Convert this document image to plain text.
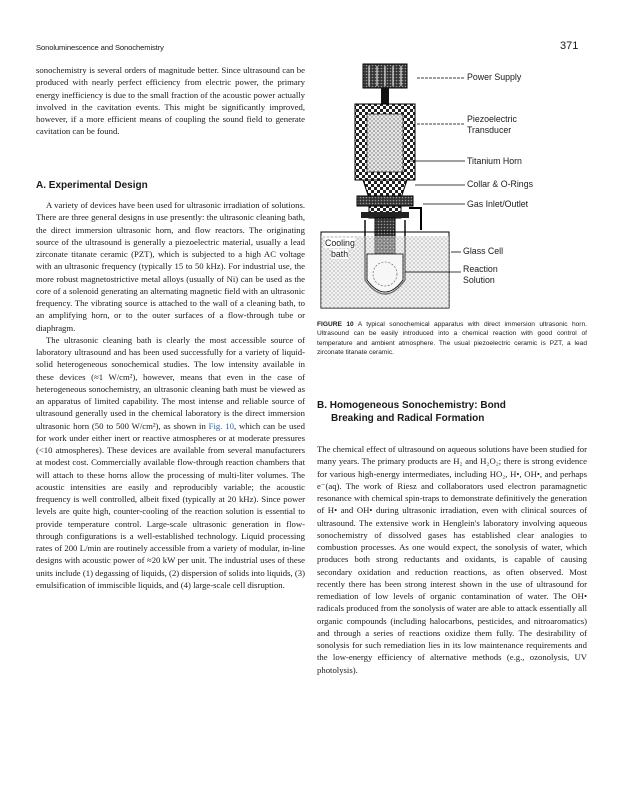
Sonoluminescence and Sonochemistry	371

sonochemistry is several orders of magnitude better. Since ultrasound can be produced with nearly perfect efficiency from electric power, the primary energy inefficiency is due to the small fraction of the acoustic power actually involved in the cavitation events. This might be significantly improved, however, if a more efficient means of coupling the sound field to generate cavitation can be found.

A. Experimental Design

A variety of devices have been used for ultrasonic irradiation of solutions. There are three general designs in use presently: the ultrasonic cleaning bath, the direct immersion ultrasonic horn, and flow reactors. The originating source of the ultrasound is generally a piezoelectric material, usually a lead zirconate titanate ceramic (PZT), which is subjected to a high AC voltage with an ultrasonic frequency (typically 15 to 50 kHz). For industrial use, the more robust magnetostrictive metal alloys (usually of Ni) can be used as the core of a solenoid generating an alternating magnetic field with an ultrasonic frequency. The vibrating source is attached to the wall of a cleaning bath, to an amplifying horn, or to the outer surfaces of a flow-through tube or diaphragm.

The ultrasonic cleaning bath is clearly the most accessible source of laboratory ultrasound and has been used successfully for a variety of liquid-solid heterogeneous sonochemical studies. The low intensity available in these devices (≈1 W/cm²), however, means that even in the case of heterogeneous sonochemistry, an ultrasonic cleaning bath must be viewed as an apparatus of limited capability. The most intense and reliable source of ultrasound generally used in the chemical laboratory is the direct immersion ultrasonic horn (50 to 500 W/cm²), as shown in Fig. 10, which can be used for work under either inert or reactive atmospheres or at moderate pressures (<10 atmospheres). These devices are available from several manufacturers at modest cost. Commercially available flow-through reaction chambers that will attach to these horns allow the processing of multi-liter volumes. The acoustic intensities are easily and reproducibly variable; the acoustic frequency is well controlled, albeit fixed (typically at 20 kHz). Since power levels are quite high, counter-cooling of the reaction solution is essential to provide temperature control. Large-scale ultrasonic generation in flow-through configurations is a well-established technology. Liquid processing rates of 200 L/min are routinely accessible from a variety of modular, in-line designs with acoustic power of ≈20 kW per unit. The industrial uses of these units include (1) degassing of liquids, (2) dispersion of solids into liquids, (3) emulsification of immiscible liquids, and (4) large-scale cell disruption.

Power Supply
Piezoelectric
Transducer
Titanium Horn
Collar & O-Rings
Gas Inlet/Outlet
Glass Cell
Reaction
Solution
Cooling
bath
FIGURE 10 A typical sonochemical apparatus with direct immersion ultrasonic horn. Ultrasound can be easily introduced into a chemical reaction with good control of temperature and ambient atmosphere. The usual piezoelectric ceramic is PZT, a lead zirconate titanate ceramic.
B. Homogeneous Sonochemistry: Bond
Breaking and Radical Formation

The chemical effect of ultrasound on aqueous solutions have been studied for many years. The primary products are H₂ and H₂O₂; there is strong evidence for various high-energy intermediates, including HO₂, H•, OH•, and perhaps e⁻(aq). The work of Riesz and collaborators used electron paramagnetic resonance with chemical spin-traps to demonstrate definitively the generation of H• and OH• during ultrasonic irradiation, even with clinical sources of ultrasound. The extensive work in Henglein's laboratory involving aqueous sonochemistry of dissolved gases has established clear analogies to combustion processes. As one would expect, the sonolysis of water, which produces both strong reductants and oxidants, is capable of causing secondary oxidation and reduction reactions, as often observed. Most recently there has been strong interest shown in the use of ultrasound for remediation of low levels of organic contamination of water. The OH• radicals produced from the sonolysis of water are able to attack essentially all organic compounds (including halocarbons, pesticides, and nitroaromatics) and through a series of reactions oxidize them fully. The desirability of sonolysis for such remediation lies in its low maintenance requirements and the low-energy efficiency of alternative methods (e.g., ozonolysis, UV photolysis).
